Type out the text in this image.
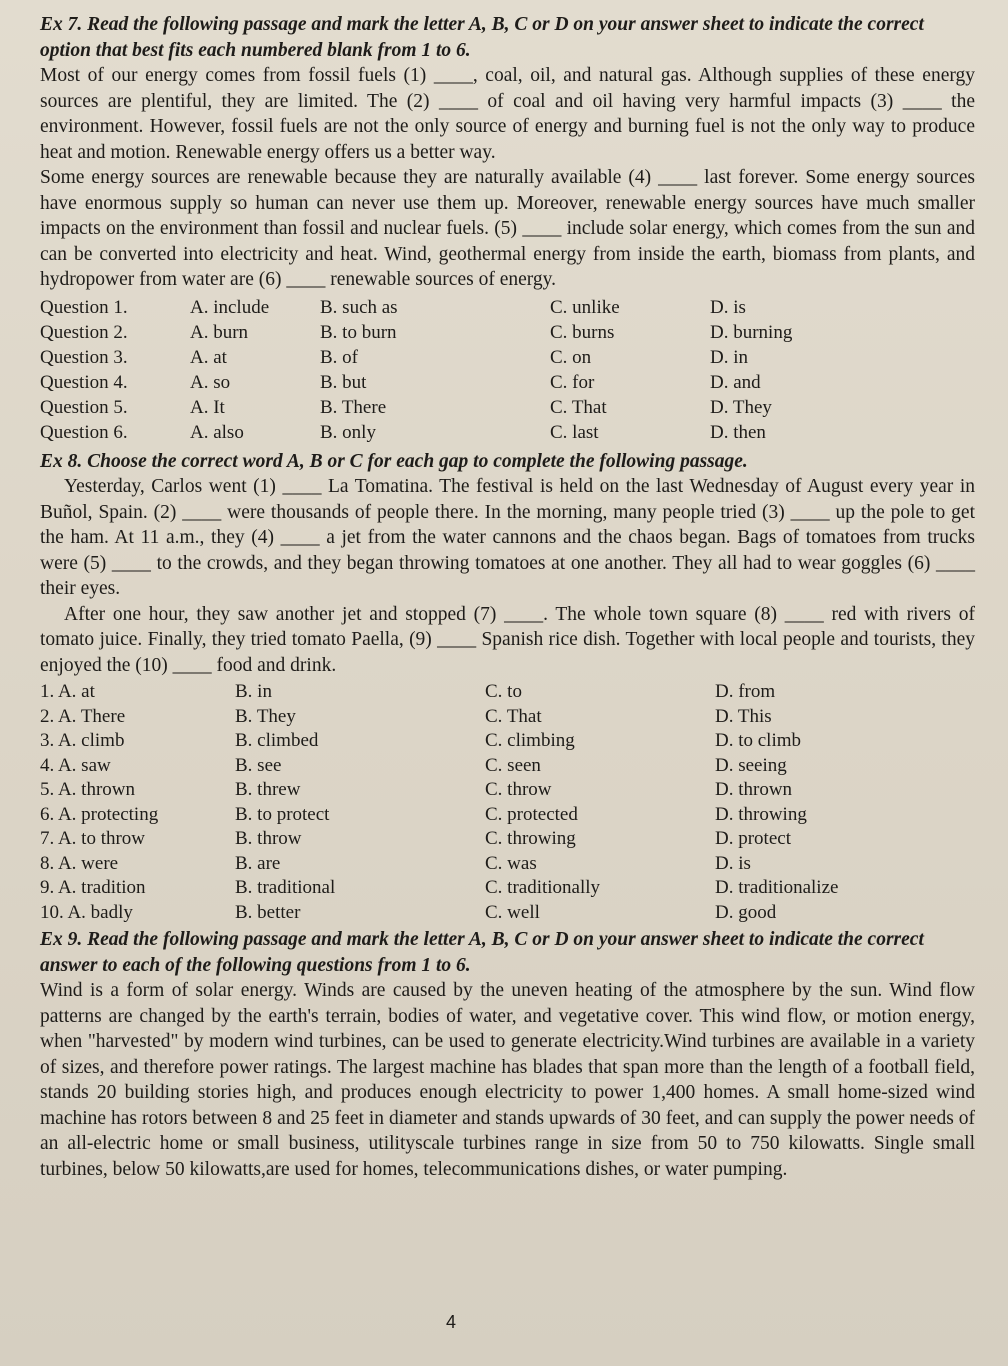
Ex 7. Read the following passage and mark the letter A, B, C or D on your answer sheet to indicate the correct option that best fits each numbered blank from 1 to 6.

Most of our energy comes from fossil fuels (1) ____, coal, oil, and natural gas. Although supplies of these energy sources are plentiful, they are limited. The (2) ____ of coal and oil having very harmful impacts (3) ____ the environment. However, fossil fuels are not the only source of energy and burning fuel is not the only way to produce heat and motion. Renewable energy offers us a better way.

Some energy sources are renewable because they are naturally available (4) ____ last forever. Some energy sources have enormous supply so human can never use them up. Moreover, renewable energy sources have much smaller impacts on the environment than fossil and nuclear fuels. (5) ____ include solar energy, which comes from the sun and can be converted into electricity and heat. Wind, geothermal energy from inside the earth, biomass from plants, and hydropower from water are (6) ____ renewable sources of energy.

Question 1.	A. include	B. such as	C. unlike	D. is
Question 2.	A. burn	B. to burn	C. burns	D. burning
Question 3.	A. at	B. of	C. on	D. in
Question 4.	A. so	B. but	C. for	D. and
Question 5.	A. It	B. There	C. That	D. They
Question 6.	A. also	B. only	C. last	D. then
Ex 8. Choose the correct word A, B or C for each gap to complete the following passage.

Yesterday, Carlos went (1) ____ La Tomatina. The festival is held on the last Wednesday of August every year in Buñol, Spain. (2) ____ were thousands of people there. In the morning, many people tried (3) ____ up the pole to get the ham. At 11 a.m., they (4) ____ a jet from the water cannons and the chaos began. Bags of tomatoes from trucks were (5) ____ to the crowds, and they began throwing tomatoes at one another. They all had to wear goggles (6) ____ their eyes.

After one hour, they saw another jet and stopped (7) ____. The whole town square (8) ____ red with rivers of tomato juice. Finally, they tried tomato Paella, (9) ____ Spanish rice dish. Together with local people and tourists, they enjoyed the (10) ____ food and drink.

1. A. at	B. in	C. to	D. from
2. A. There	B. They	C. That	D. This
3. A. climb	B. climbed	C. climbing	D. to climb
4. A. saw	B. see	C. seen	D. seeing
5. A. thrown	B. threw	C. throw	D. thrown
6. A. protecting	B. to protect	C. protected	D. throwing
7. A. to throw	B. throw	C. throwing	D. protect
8. A. were	B. are	C. was	D. is
9. A. tradition	B. traditional	C. traditionally	D. traditionalize
10. A. badly	B. better	C. well	D. good
Ex 9. Read the following passage and mark the letter A, B, C or D on your answer sheet to indicate the correct answer to each of the following questions from 1 to 6.

Wind is a form of solar energy. Winds are caused by the uneven heating of the atmosphere by the sun. Wind flow patterns are changed by the earth's terrain, bodies of water, and vegetative cover. This wind flow, or motion energy, when "harvested" by modern wind turbines, can be used to generate electricity.Wind turbines are available in a variety of sizes, and therefore power ratings. The largest machine has blades that span more than the length of a football field, stands 20 building stories high, and produces enough electricity to power 1,400 homes. A small home-sized wind machine has rotors between 8 and 25 feet in diameter and stands upwards of 30 feet, and can supply the power needs of an all-electric home or small business, utilityscale turbines range in size from 50 to 750 kilowatts. Single small turbines, below 50 kilowatts,are used for homes, telecommunications dishes, or water pumping.

4
